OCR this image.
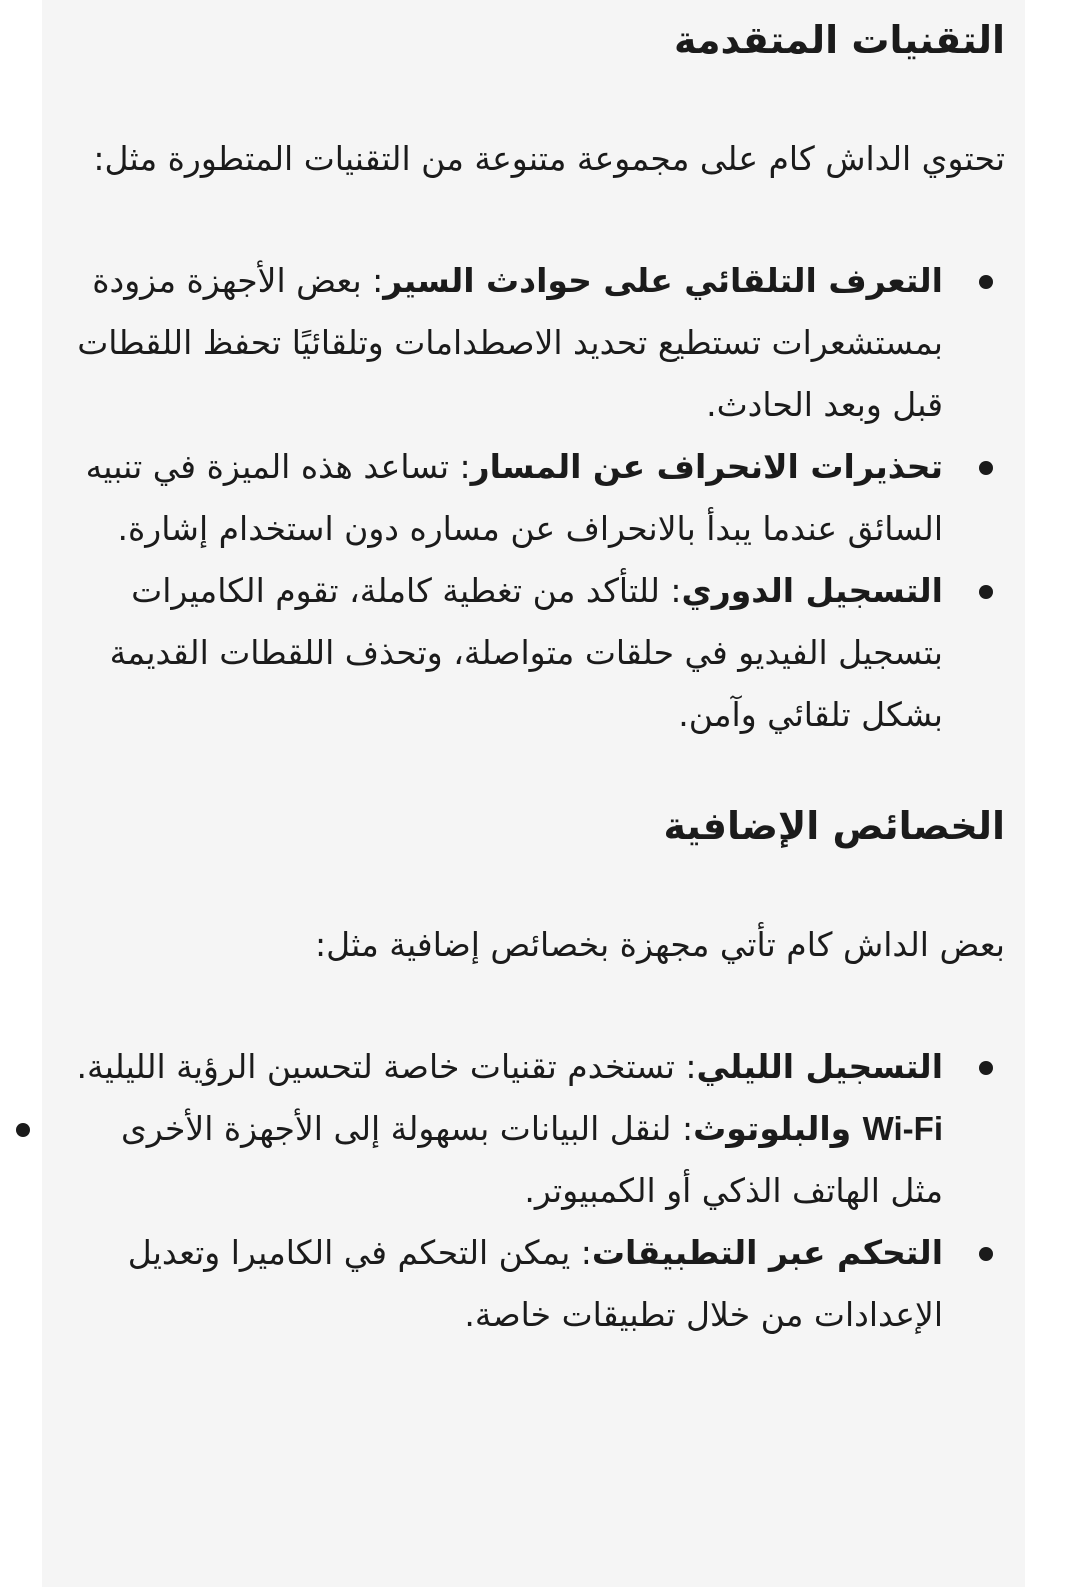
التقنيات المتقدمة

تحتوي الداش كام على مجموعة متنوعة من التقنيات المتطورة مثل:

التعرف التلقائي على حوادث السير: بعض الأجهزة مزودة بمستشعرات تستطيع تحديد الاصطدامات وتلقائيًا تحفظ اللقطات قبل وبعد الحادث.
تحذيرات الانحراف عن المسار: تساعد هذه الميزة في تنبيه السائق عندما يبدأ بالانحراف عن مساره دون استخدام إشارة.
التسجيل الدوري: للتأكد من تغطية كاملة، تقوم الكاميرات بتسجيل الفيديو في حلقات متواصلة، وتحذف اللقطات القديمة بشكل تلقائي وآمن.
الخصائص الإضافية

بعض الداش كام تأتي مجهزة بخصائص إضافية مثل:

التسجيل الليلي: تستخدم تقنيات خاصة لتحسين الرؤية الليلية.
Wi-Fi والبلوتوث: لنقل البيانات بسهولة إلى الأجهزة الأخرى مثل الهاتف الذكي أو الكمبيوتر.
التحكم عبر التطبيقات: يمكن التحكم في الكاميرا وتعديل الإعدادات من خلال تطبيقات خاصة.
